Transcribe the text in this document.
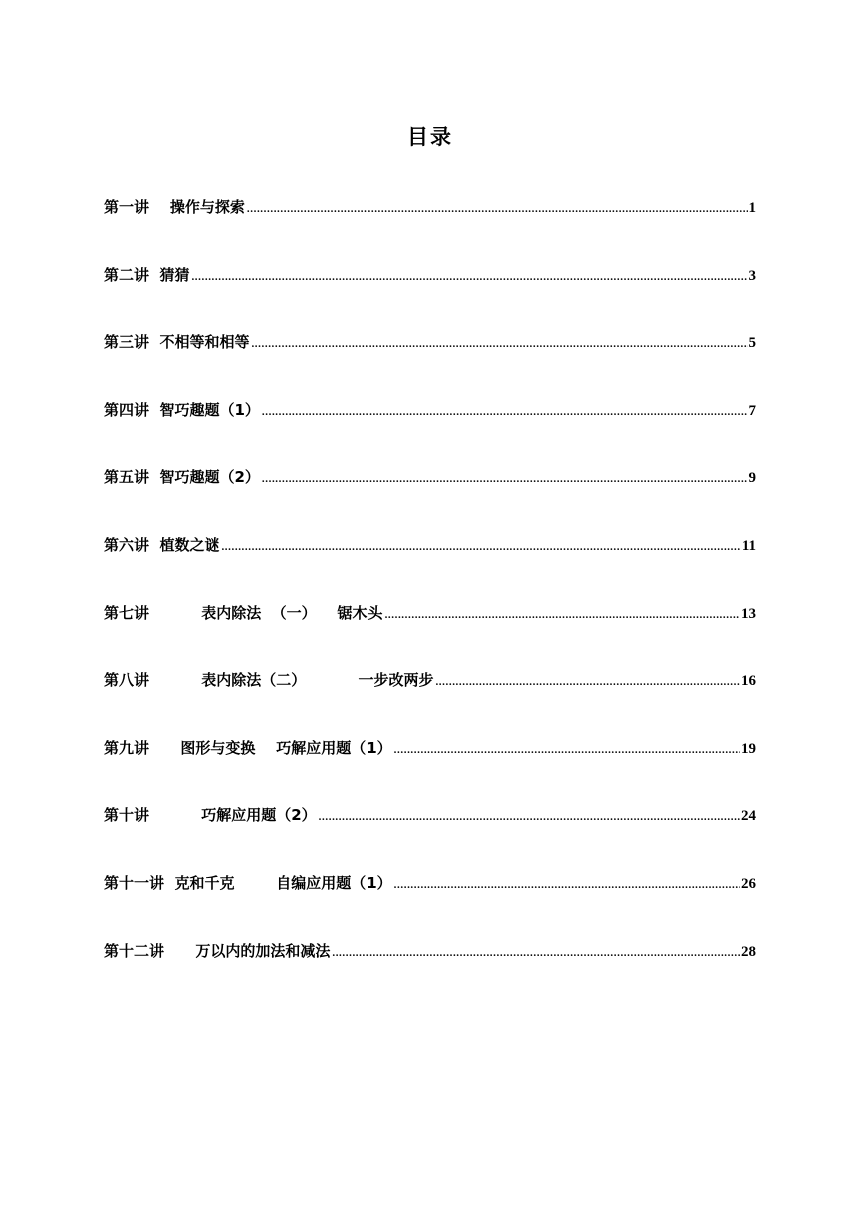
目录
第一讲    操作与探索 .....	1
第二讲  猜猜 .....	3
第三讲  不相等和相等 .....	5
第四讲  智巧趣题（1） .....	7
第五讲  智巧趣题（2） .....	9
第六讲  植数之谜 .....	11
第七讲          表内除法  （一）    锯木头 .....	13
第八讲          表内除法（二）          一步改两步 .....	16
第九讲      图形与变换    巧解应用题（1） .....	19
第十讲          巧解应用题（2） .....	24
第十一讲  克和千克        自编应用题（1） .....	26
第十二讲      万以内的加法和减法 .....	28
